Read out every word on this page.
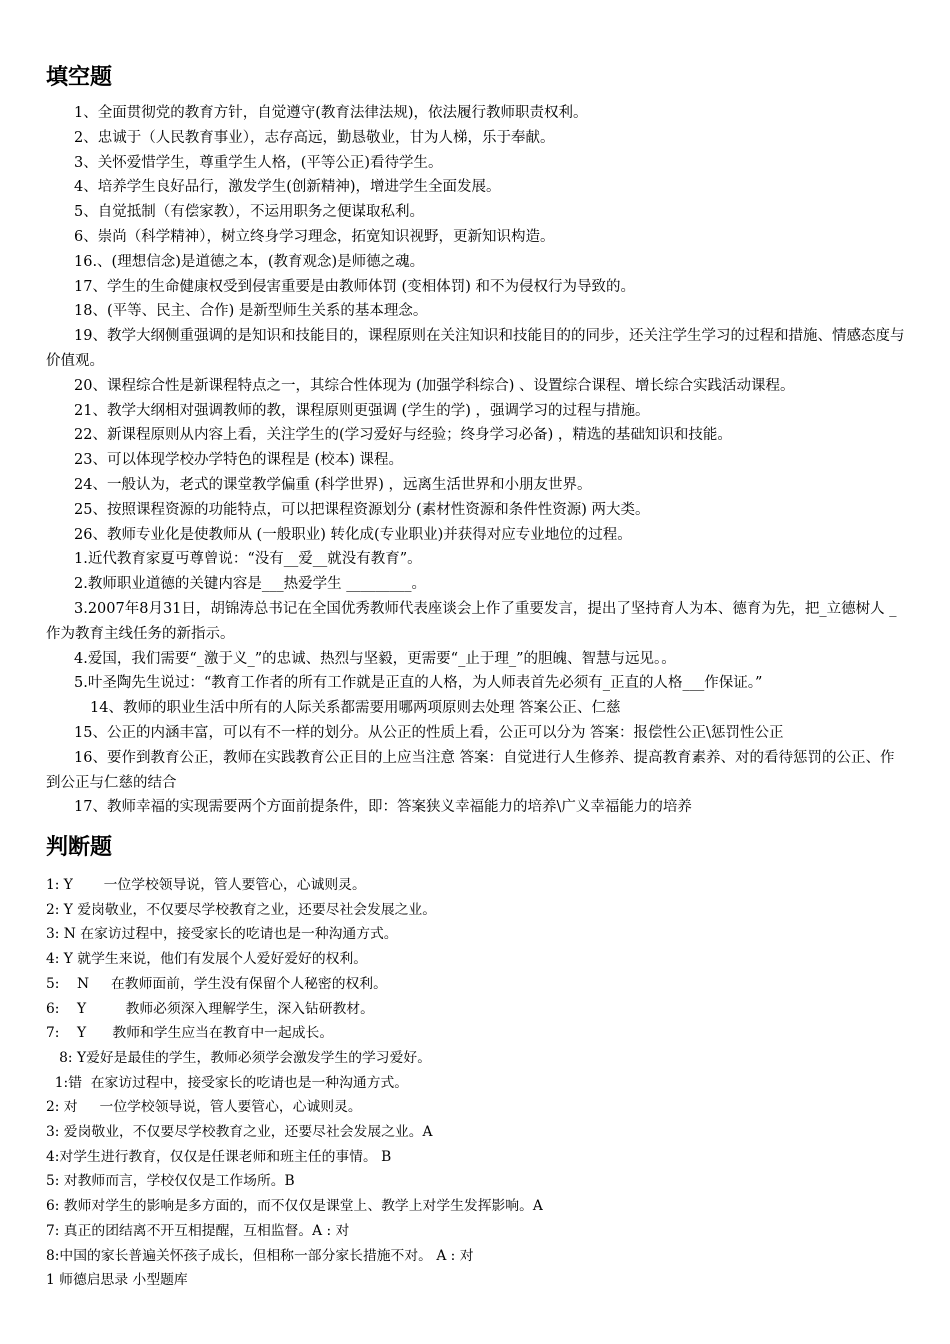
填空题

1、全面贯彻党的教育方针，自觉遵守(教育法律法规)，依法履行教师职责权利。

2、忠诚于（人民教育事业），志存高远，勤恳敬业，甘为人梯，乐于奉献。

3、关怀爱惜学生，尊重学生人格，(平等公正)看待学生。

4、培养学生良好品行，激发学生(创新精神)，增进学生全面发展。

5、自觉抵制（有偿家教），不运用职务之便谋取私利。

6、崇尚（科学精神），树立终身学习理念，拓宽知识视野，更新知识构造。

16.、(理想信念)是道德之本，(教育观念)是师德之魂。

17、学生的生命健康权受到侵害重要是由教师体罚 (变相体罚) 和不为侵权行为导致的。

18、(平等、民主、合作) 是新型师生关系的基本理念。

19、教学大纲侧重强调的是知识和技能目的，课程原则在关注知识和技能目的的同步，还关注学生学习的过程和措施、情感态度与价值观。

20、课程综合性是新课程特点之一，其综合性体现为 (加强学科综合) 、设置综合课程、增长综合实践活动课程。

21、教学大纲相对强调教师的教，课程原则更强调 (学生的学) ，强调学习的过程与措施。

22、新课程原则从内容上看，关注学生的(学习爱好与经验；终身学习必备) ，精选的基础知识和技能。

23、可以体现学校办学特色的课程是 (校本) 课程。

24、一般认为，老式的课堂教学偏重 (科学世界) ，远离生活世界和小朋友世界。

25、按照课程资源的功能特点，可以把课程资源划分 (素材性资源和条件性资源) 两大类。

26、教师专业化是使教师从 (一般职业) 转化成(专业职业)并获得对应专业地位的过程。

1.近代教育家夏丏尊曾说：“没有__爱__就没有教育”。

2.教师职业道德的关键内容是___热爱学生 _________。

3.2007年8月31日，胡锦涛总书记在全国优秀教师代表座谈会上作了重要发言，提出了坚持育人为本、德育为先，把_立德树人 _作为教育主线任务的新指示。

4.爱国，我们需要“_激于义_”的忠诚、热烈与坚毅，更需要“_止于理_”的胆魄、智慧与远见。。

5.叶圣陶先生说过：“教育工作者的所有工作就是正直的人格，为人师表首先必须有_正直的人格___作保证。”

14、教师的职业生活中所有的人际关系都需要用哪两项原则去处理 答案公正、仁慈

15、公正的内涵丰富，可以有不一样的划分。从公正的性质上看，公正可以分为 答案：报偿性公正\惩罚性公正

16、要作到教育公正，教师在实践教育公正目的上应当注意 答案：自觉进行人生修养、提高教育素养、对的看待惩罚的公正、作到公正与仁慈的结合

17、教师幸福的实现需要两个方面前提条件，即：答案狭义幸福能力的培养\广义幸福能力的培养

判断题

1: Y       一位学校领导说，管人要管心，心诚则灵。

2: Y 爱岗敬业，不仅要尽学校教育之业，还要尽社会发展之业。

3: N 在家访过程中，接受家长的吃请也是一种沟通方式。

4: Y 就学生来说，他们有发展个人爱好爱好的权利。

5:    N     在教师面前，学生没有保留个人秘密的权利。

6:    Y         教师必须深入理解学生，深入钻研教材。

7:    Y      教师和学生应当在教育中一起成长。

8: Y爱好是最佳的学生，教师必须学会激发学生的学习爱好。

1:错  在家访过程中，接受家长的吃请也是一种沟通方式。

2: 对     一位学校领导说，管人要管心，心诚则灵。

3: 爱岗敬业，不仅要尽学校教育之业，还要尽社会发展之业。A

4:对学生进行教育，仅仅是任课老师和班主任的事情。 B

5: 对教师而言，学校仅仅是工作场所。B

6: 教师对学生的影响是多方面的，而不仅仅是课堂上、教学上对学生发挥影响。A

7: 真正的团结离不开互相提醒，互相监督。A : 对

8:中国的家长普遍关怀孩子成长，但相称一部分家长措施不对。 A : 对

1 师德启思录 小型题库
